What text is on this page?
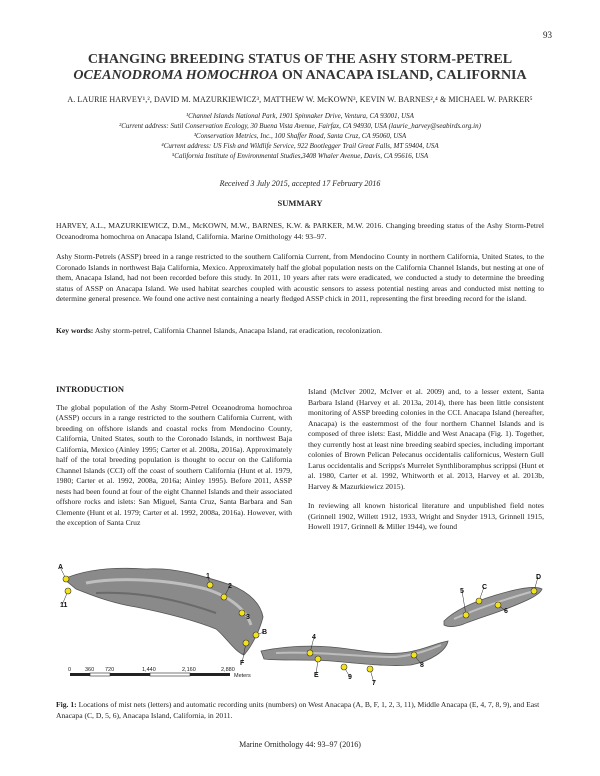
93
CHANGING BREEDING STATUS OF THE ASHY STORM-PETREL
OCEANODROMA HOMOCHROA ON ANACAPA ISLAND, CALIFORNIA
A. LAURIE HARVEY¹,², DAVID M. MAZURKIEWICZ³, MATTHEW W. McKOWN³, KEVIN W. BARNES²,⁴ & MICHAEL W. PARKER⁵
¹Channel Islands National Park, 1901 Spinnaker Drive, Ventura, CA 93001, USA
²Current address: Sutil Conservation Ecology, 30 Buena Vista Avenue, Fairfax, CA 94930, USA (laurie_harvey@seabirds.org.in)
³Conservation Metrics, Inc., 100 Shaffer Road, Santa Cruz, CA 95060, USA
⁴Current address: US Fish and Wildlife Service, 922 Bootlegger Trail Great Falls, MT 59404, USA
⁵California Institute of Environmental Studies,3408 Whaler Avenue, Davis, CA 95616, USA
Received 3 July 2015, accepted 17 February 2016
SUMMARY
HARVEY, A.L., MAZURKIEWICZ, D.M., McKOWN, M.W., BARNES, K.W. & PARKER, M.W. 2016. Changing breeding status of the Ashy Storm-Petrel Oceanodroma homochroa on Anacapa Island, California. Marine Ornithology 44: 93–97.
Ashy Storm-Petrels (ASSP) breed in a range restricted to the southern California Current, from Mendocino County in northern California, United States, to the Coronado Islands in northwest Baja California, Mexico. Approximately half the global population nests on the California Channel Islands, but nesting at one of them, Anacapa Island, had not been recorded before this study. In 2011, 10 years after rats were eradicated, we conducted a study to determine the breeding status of ASSP on Anacapa Island. We used habitat searches coupled with acoustic sensors to assess potential nesting areas and conducted mist netting to determine general presence. We found one active nest containing a nearly fledged ASSP chick in 2011, representing the first breeding record for the island.
Key words: Ashy storm-petrel, California Channel Islands, Anacapa Island, rat eradication, recolonization.
INTRODUCTION

The global population of the Ashy Storm-Petrel Oceanodroma homochroa (ASSP) occurs in a range restricted to the southern California Current, with breeding on offshore islands and coastal rocks from Mendocino County, California, United States, south to the Coronado Islands, in northwest Baja California, Mexico (Ainley 1995; Carter et al. 2008a, 2016a). Approximately half of the total breeding population is thought to occur on the California Channel Islands (CCI) off the coast of southern California (Hunt et al. 1979, 1980; Carter et al. 1992, 2008a, 2016a; Ainley 1995). Before 2011, ASSP nests had been found at four of the eight Channel Islands and their associated offshore rocks and islets: San Miguel, Santa Cruz, Santa Barbara and San Clemente (Hunt et al. 1979; Carter et al. 1992, 2008a, 2016a). However, with the exception of Santa Cruz

Island (McIver 2002, McIver et al. 2009) and, to a lesser extent, Santa Barbara Island (Harvey et al. 2013a, 2014), there has been little consistent monitoring of ASSP breeding colonies in the CCI. Anacapa Island (hereafter, Anacapa) is the easternmost of the four northern Channel Islands and is composed of three islets: East, Middle and West Anacapa (Fig. 1). Together, they currently host at least nine breeding seabird species, including important colonies of Brown Pelican Pelecanus occidentalis californicus, Western Gull Larus occidentalis and Scripps's Murrelet Synthliboramphus scrippsi (Hunt et al. 1980, Carter et al. 1992, Whitworth et al. 2013, Harvey et al. 2013b, Harvey & Mazurkiewicz 2015).

In reviewing all known historical literature and unpublished field notes (Grinnell 1902, Willett 1912, 1933, Wright and Snyder 1913, Grinnell 1915, Howell 1917, Grinnell & Miller 1944), we found

A
1
2
11
3
B
F
4
E	9
7
8
5
C
6
D
0	360 720	1,440	2,160	2,880
Meters
Fig. 1: Locations of mist nets (letters) and automatic recording units (numbers) on West Anacapa (A, B, F, 1, 2, 3, 11), Middle Anacapa (E, 4, 7, 8, 9), and East Anacapa (C, D, 5, 6), Anacapa Island, California, in 2011.
Marine Ornithology 44: 93–97 (2016)
